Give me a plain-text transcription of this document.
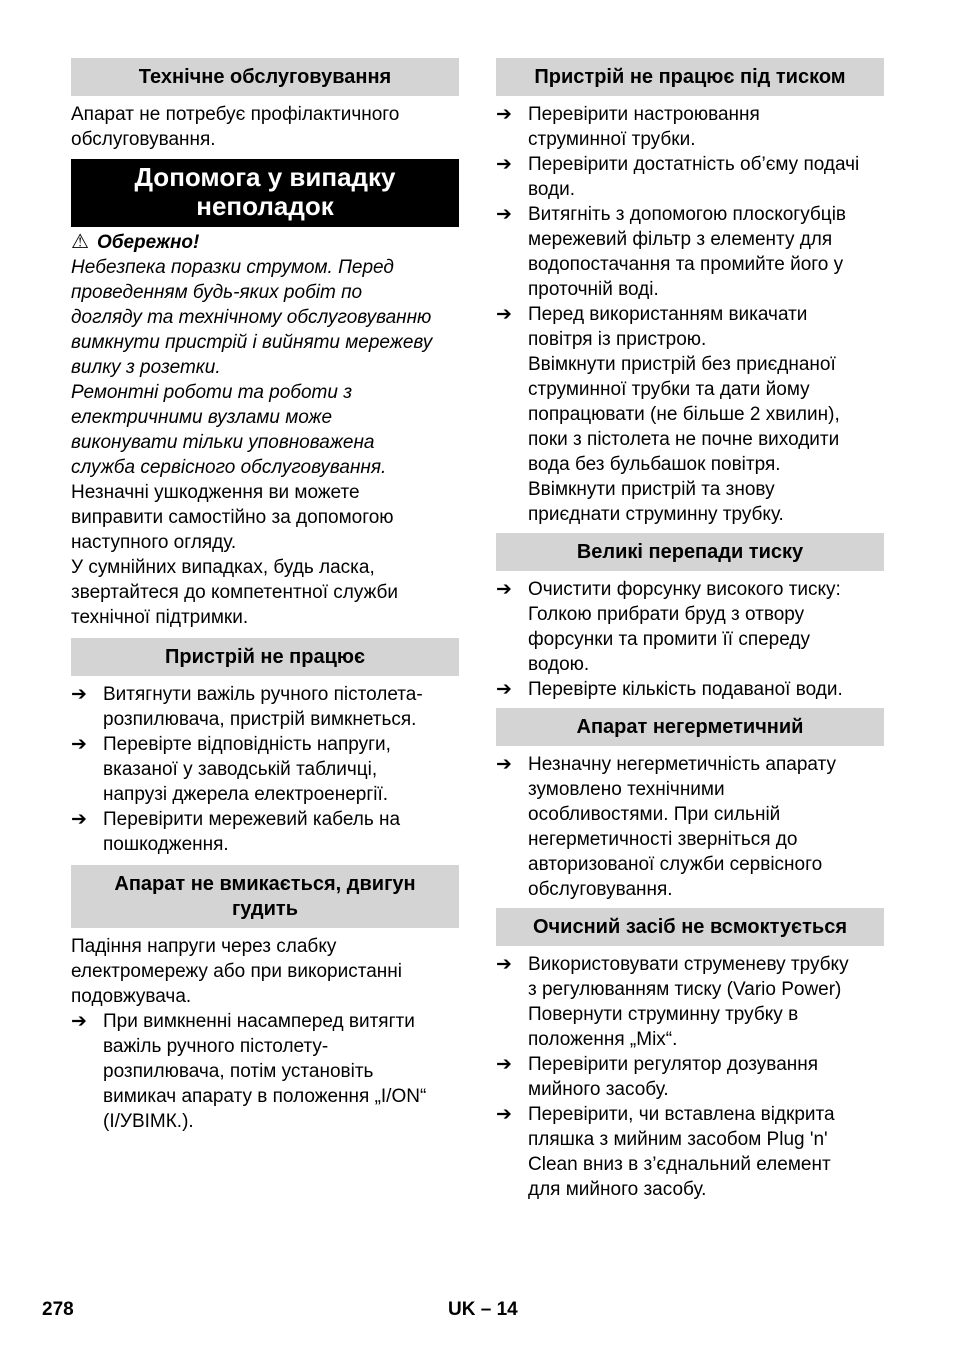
Технічне обслуговування
Апарат не потребує профілактичного
обслуговування.
Допомога у випадку
неполадок
⚠ Обережно!
Небезпека поразки струмом. Перед
проведенням будь-яких робіт по
догляду та технічному обслуговуванню
вимкнути пристрій і вийняти мережеву
вилку з розетки.
Ремонтні роботи та роботи з
електричними вузлами може
виконувати тільки уповноважена
служба сервісного обслуговування.
Незначні ушкодження ви можете
виправити самостійно за допомогою
наступного огляду.
У сумнійних випадках, будь ласка,
звертайтеся до компетентної служби
технічної підтримки.
Пристрій не працює
➔ Витягнути важіль ручного пістолета-
розпилювача, пристрій вимкнеться.
➔ Перевірте відповідність напруги,
вказаної у заводській табличці,
напрузі джерела електроенергії.
➔ Перевірити мережевий кабель на
пошкодження.
Апарат не вмикається, двигун
гудить
Падіння напруги через слабку
електромережу або при використанні
подовжувача.
➔ При вимкненні насамперед витягти
важіль ручного пістолету-
розпилювача, потім установіть
вимикач апарату в положення „I/ON“
(I/УВІМК.).
Пристрій не працює під тиском
➔ Перевірити настроювання
струминної трубки.
➔ Перевірити достатність об’єму подачі
води.
➔ Витягніть з допомогою плоскогубців
мережевий фільтр з елементу для
водопостачання та промийте його у
проточній воді.
➔ Перед використанням викачати
повітря із пристрою.
Ввімкнути пристрій без приєднаної
струминної трубки та дати йому
попрацювати (не більше 2 хвилин),
поки з пістолета не почне виходити
вода без бульбашок повітря.
Ввімкнути пристрій та знову
приєднати струминну трубку.
Великі перепади тиску
➔ Очистити форсунку високого тиску:
Голкою прибрати бруд з отвору
форсунки та промити її спереду
водою.
➔ Перевірте кількість подаваної води.
Апарат негерметичний
➔ Незначну негерметичність апарату
зумовлено технічними
особливостями. При сильній
негерметичності зверніться до
авторизованої служби сервісного
обслуговування.
Очисний засіб не всмоктується
➔ Використовувати струменеву трубку
з регулюванням тиску (Vario Power)
Повернути струминну трубку в
положення „Mix“.
➔ Перевірити регулятор дозування
мийного засобу.
➔ Перевірити, чи вставлена відкрита
пляшка з мийним засобом Plug 'n'
Clean вниз в з’єднальний елемент
для мийного засобу.
278	UK – 14
